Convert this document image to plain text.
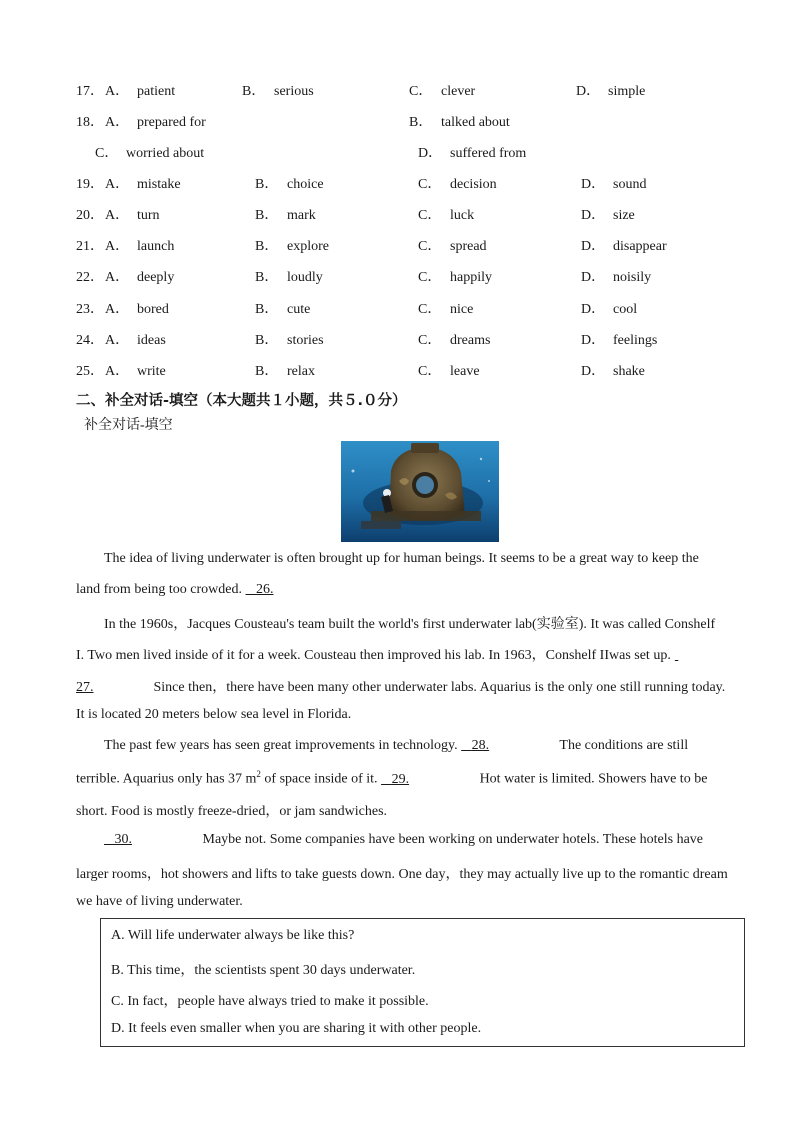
17． A． patient	B． serious	C． clever	D． simple
18． A． prepared for	B． talked about
C． worried about	D． suffered from
19． A． mistake	B． choice	C． decision	D． sound
20． A． turn	B． mark	C． luck	D． size
21． A． launch	B． explore	C． spread	D． disappear
22． A． deeply	B． loudly	C． happily	D． noisily
23． A． bored	B． cute	C． nice	D． cool
24． A． ideas	B． stories	C． dreams	D． feelings
25． A． write	B． relax	C． leave	D． shake
二、补全对话-填空（本大题共１小题，共５.０分）
补全对话-填空
The idea of living underwater is often brought up for human beings. It seems to be a great way to keep the
land from being too crowded.    26.
In the 1960s，Jacques Cousteau's team built the world's first underwater lab(实验室). It was called Conshelf
I. Two men lived inside of it for a week. Cousteau then improved his lab. In 1963，Conshelf IIwas set up.
27.	Since then，there have been many other underwater labs. Aquarius is the only one still running today.
It is located 20 meters below sea level in Florida.
The past few years has seen great improvements in technology.    28.	The conditions are still
terrible. Aquarius only has 37 $m^2$ of space inside of it.    29.	Hot water is limited. Showers have to be
short. Food is mostly freeze-dried，or jam sandwiches.
30.	Maybe not. Some companies have been working on underwater hotels. These hotels have
larger rooms，hot showers and lifts to take guests down. One day，they may actually live up to the romantic dream
we have of living underwater.
A. Will life underwater always be like this?
B. This time，the scientists spent 30 days underwater.
C. In fact，people have always tried to make it possible.
D. It feels even smaller when you are sharing it with other people.
